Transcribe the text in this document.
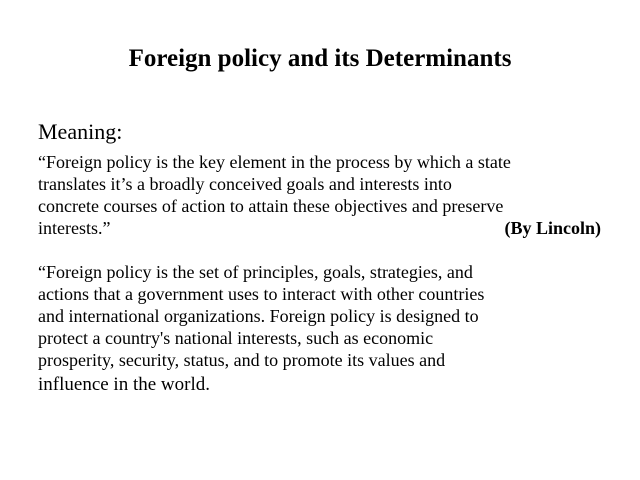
Foreign policy and its Determinants

Meaning:

“Foreign policy is the key element in the process by which a state
translates it’s a broadly conceived goals and interests into
concrete courses of action to attain these objectives and preserve
interests.”	(By Lincoln)
“Foreign policy is the set of principles, goals, strategies, and
actions that a government uses to interact with other countries
and international organizations. Foreign policy is designed to
protect a country's national interests, such as economic
prosperity, security, status, and to promote its values and
influence in the world.
